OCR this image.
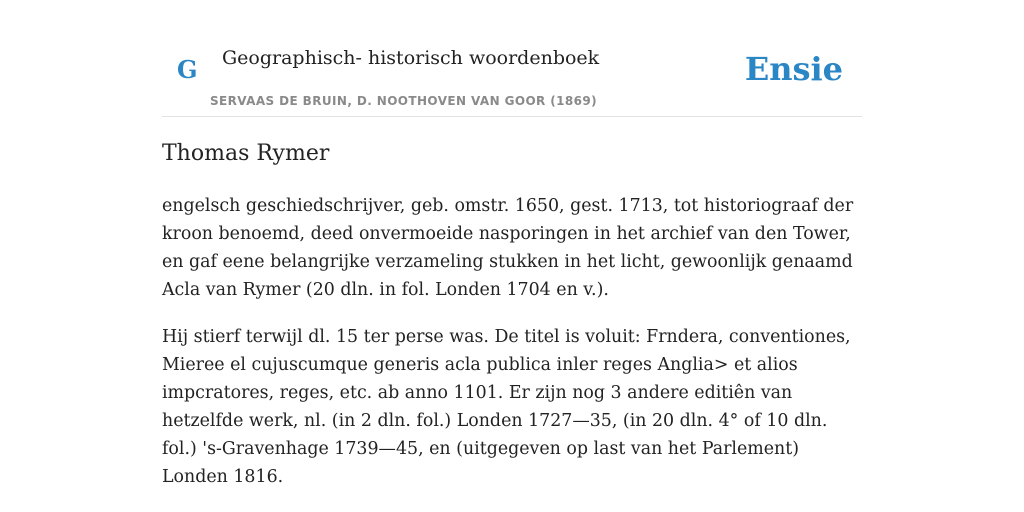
G Geographisch- historisch woordenboek
SERVAAS DE BRUIN, D. NOOTHOVEN VAN GOOR (1869)
Ensie
Thomas Rymer

engelsch geschiedschrijver, geb. omstr. 1650, gest. 1713, tot historiograaf der kroon benoemd, deed onvermoeide nasporingen in het archief van den Tower, en gaf eene belangrijke verzameling stukken in het licht, gewoonlijk genaamd Acla van Rymer (20 dln. in fol. Londen 1704 en v.).

Hij stierf terwijl dl. 15 ter perse was. De titel is voluit: Frndera, conventiones, Mieree el cujuscumque generis acla publica inler reges Anglia> et alios impcratores, reges, etc. ab anno 1101. Er zijn nog 3 andere editiên van hetzelfde werk, nl. (in 2 dln. fol.) Londen 1727—35, (in 20 dln. 4° of 10 dln. fol.) 's-Gravenhage 1739—45, en (uitgegeven op last van het Parlement) Londen 1816.
